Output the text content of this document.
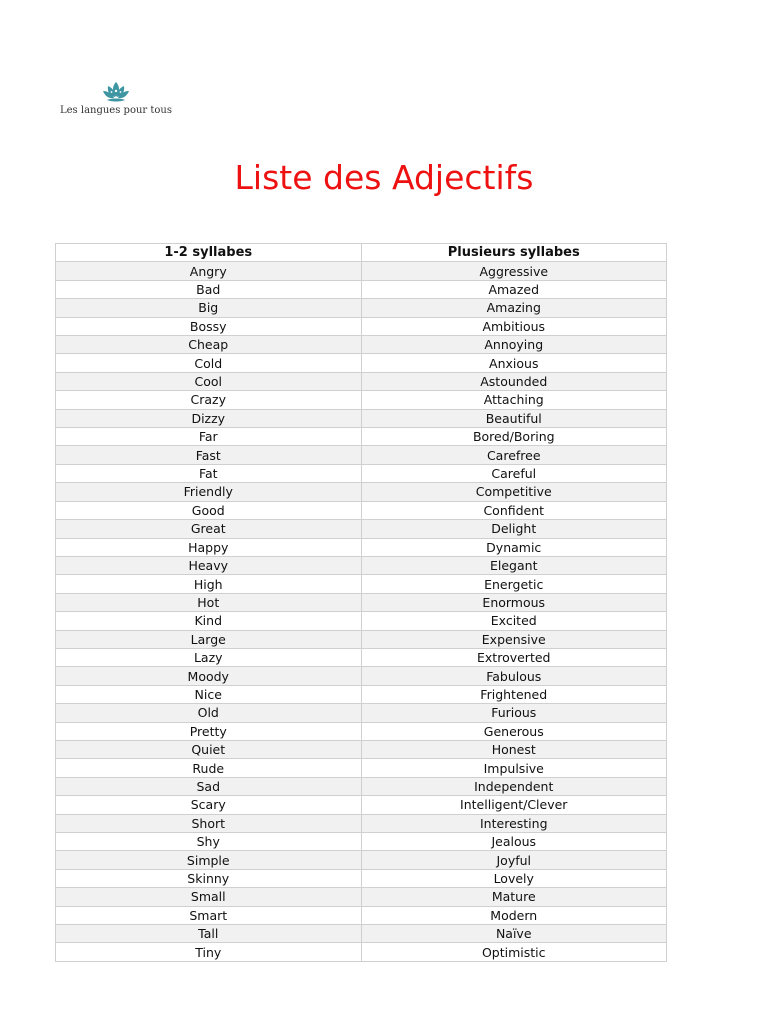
Les langues pour tous
Liste des Adjectifs
1-2 syllabes	Plusieurs syllabes
Angry	Aggressive
Bad	Amazed
Big	Amazing
Bossy	Ambitious
Cheap	Annoying
Cold	Anxious
Cool	Astounded
Crazy	Attaching
Dizzy	Beautiful
Far	Bored/Boring
Fast	Carefree
Fat	Careful
Friendly	Competitive
Good	Confident
Great	Delight
Happy	Dynamic
Heavy	Elegant
High	Energetic
Hot	Enormous
Kind	Excited
Large	Expensive
Lazy	Extroverted
Moody	Fabulous
Nice	Frightened
Old	Furious
Pretty	Generous
Quiet	Honest
Rude	Impulsive
Sad	Independent
Scary	Intelligent/Clever
Short	Interesting
Shy	Jealous
Simple	Joyful
Skinny	Lovely
Small	Mature
Smart	Modern
Tall	Naïve
Tiny	Optimistic
